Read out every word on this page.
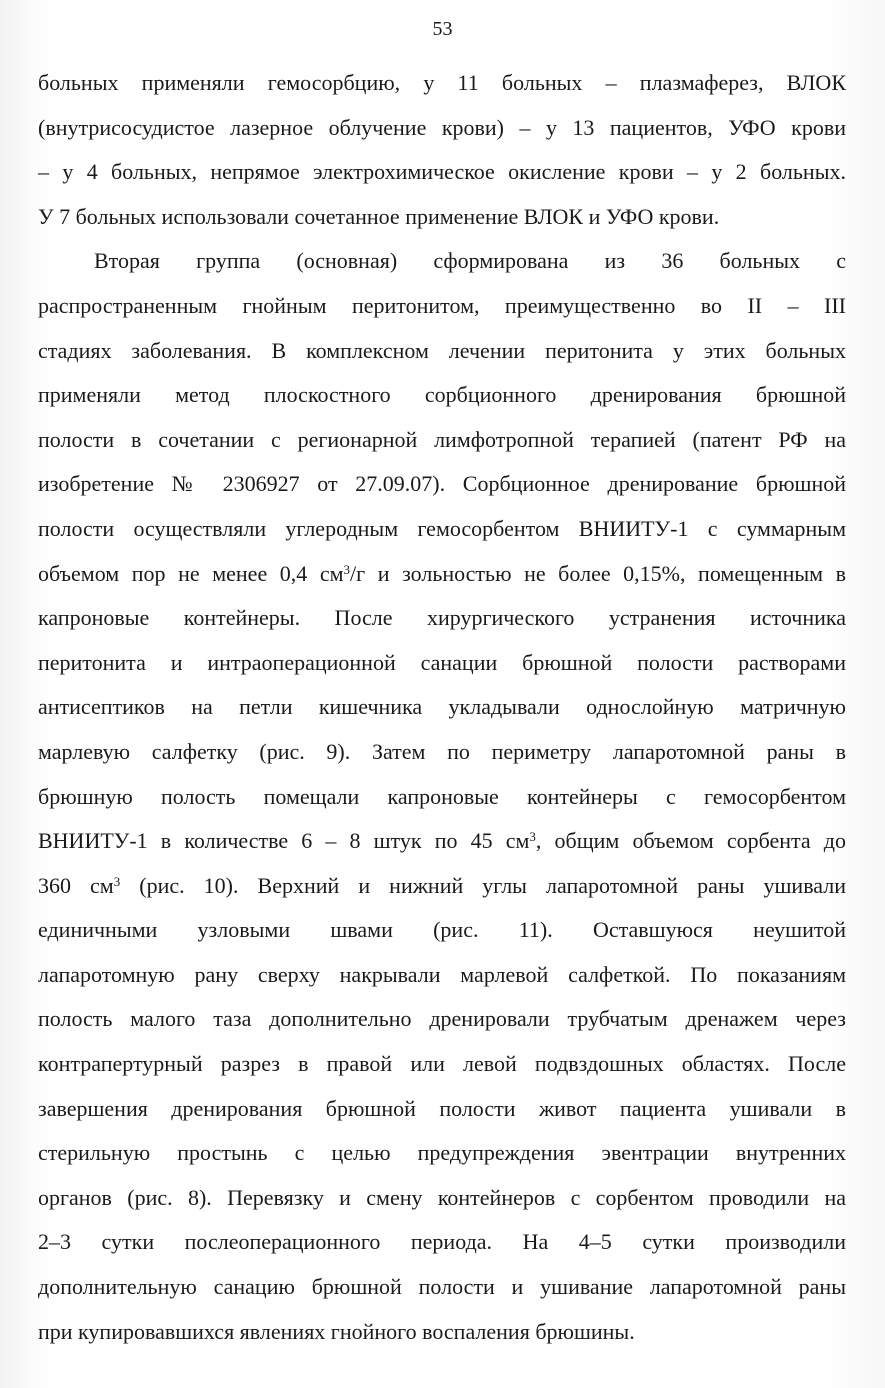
53
больных применяли гемосорбцию, у 11 больных – плазмаферез, ВЛОК
(внутрисосудистое лазерное облучение крови) – у 13 пациентов, УФО крови
– у 4 больных, непрямое электрохимическое окисление крови – у 2 больных.
У 7 больных использовали сочетанное применение ВЛОК и УФО крови.
Вторая группа (основная) сформирована из 36 больных с
распространенным гнойным перитонитом, преимущественно во II – III
стадиях заболевания. В комплексном лечении перитонита у этих больных
применяли метод плоскостного сорбционного дренирования брюшной
полости в сочетании с регионарной лимфотропной терапией (патент РФ на
изобретение № 2306927 от 27.09.07). Сорбционное дренирование брюшной
полости осуществляли углеродным гемосорбентом ВНИИТУ-1 с суммарным
объемом пор не менее 0,4 $см^3/г$ и зольностью не более 0,15%, помещенным в
капроновые контейнеры. После хирургического устранения источника
перитонита и интраоперационной санации брюшной полости растворами
антисептиков на петли кишечника укладывали однослойную матричную
марлевую салфетку (рис. 9). Затем по периметру лапаротомной раны в
брюшную полость помещали капроновые контейнеры с гемосорбентом
ВНИИТУ-1 в количестве 6 – 8 штук по 45 $см^3$, общим объемом сорбента до
360 $см^3$ (рис. 10). Верхний и нижний углы лапаротомной раны ушивали
единичными узловыми швами (рис. 11). Оставшуюся неушитой
лапаротомную рану сверху накрывали марлевой салфеткой. По показаниям
полость малого таза дополнительно дренировали трубчатым дренажем через
контрапертурный разрез в правой или левой подвздошных областях. После
завершения дренирования брюшной полости живот пациента ушивали в
стерильную простынь с целью предупреждения эвентрации внутренних
органов (рис. 8). Перевязку и смену контейнеров с сорбентом проводили на
2–3 сутки послеоперационного периода. На 4–5 сутки производили
дополнительную санацию брюшной полости и ушивание лапаротомной раны
при купировавшихся явлениях гнойного воспаления брюшины.
